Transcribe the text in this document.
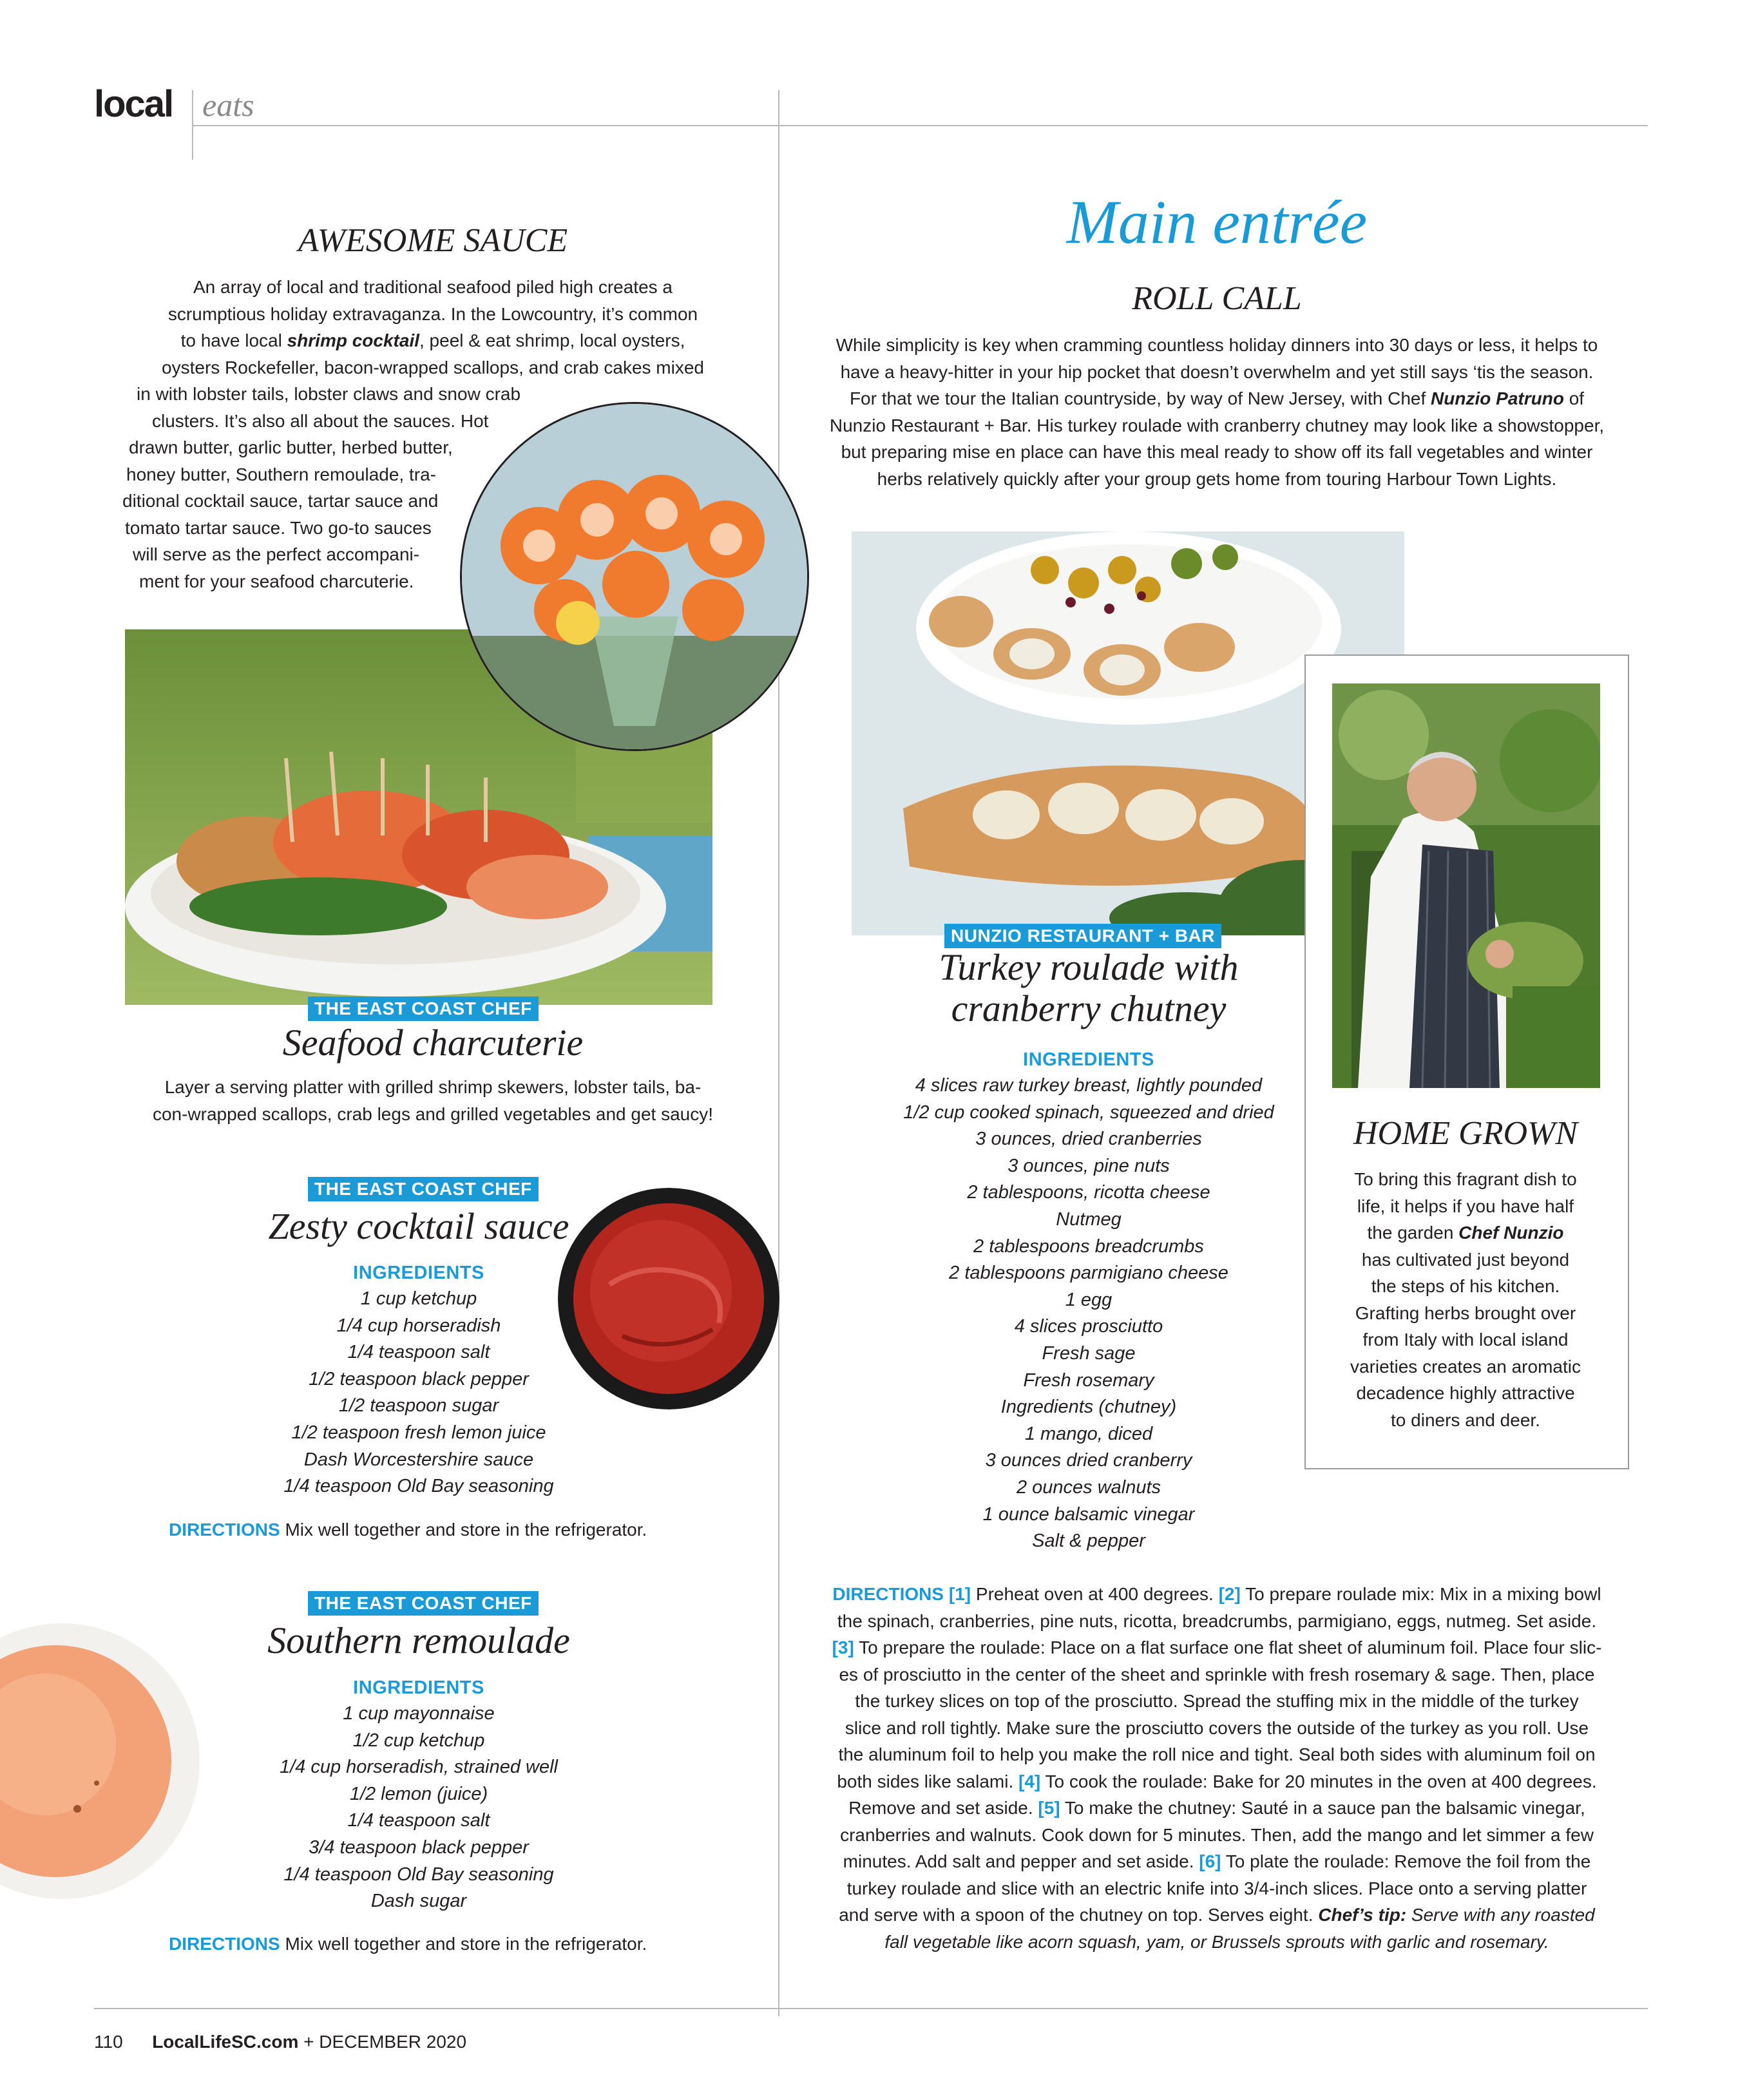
local eats
AWESOME SAUCE
An array of local and traditional seafood piled high creates a
scrumptious holiday extravaganza. In the Lowcountry, it’s common
to have local shrimp cocktail, peel & eat shrimp, local oysters,
oysters Rockefeller, bacon-wrapped scallops, and crab cakes mixed
in with lobster tails, lobster claws and snow crab
clusters. It’s also all about the sauces. Hot
drawn butter, garlic butter, herbed butter,
honey butter, Southern remoulade, tra-
ditional cocktail sauce, tartar sauce and
tomato tartar sauce. Two go-to sauces
will serve as the perfect accompani-
ment for your seafood charcuterie.
THE EAST COAST CHEF
Seafood charcuterie
Layer a serving platter with grilled shrimp skewers, lobster tails, ba-
con-wrapped scallops, crab legs and grilled vegetables and get saucy!
THE EAST COAST CHEF
Zesty cocktail sauce
INGREDIENTS
1 cup ketchup
1/4 cup horseradish
1/4 teaspoon salt
1/2 teaspoon black pepper
1/2 teaspoon sugar
1/2 teaspoon fresh lemon juice
Dash Worcestershire sauce
1/4 teaspoon Old Bay seasoning
DIRECTIONS Mix well together and store in the refrigerator.
THE EAST COAST CHEF
Southern remoulade
INGREDIENTS
1 cup mayonnaise
1/2 cup ketchup
1/4 cup horseradish, strained well
1/2 lemon (juice)
1/4 teaspoon salt
3/4 teaspoon black pepper
1/4 teaspoon Old Bay seasoning
Dash sugar
DIRECTIONS Mix well together and store in the refrigerator.
Main entrée
ROLL CALL
While simplicity is key when cramming countless holiday dinners into 30 days or less, it helps to
have a heavy-hitter in your hip pocket that doesn’t overwhelm and yet still says ‘tis the season.
For that we tour the Italian countryside, by way of New Jersey, with Chef Nunzio Patruno of
Nunzio Restaurant + Bar. His turkey roulade with cranberry chutney may look like a showstopper,
but preparing mise en place can have this meal ready to show off its fall vegetables and winter
herbs relatively quickly after your group gets home from touring Harbour Town Lights.
HOME GROWN
To bring this fragrant dish to
life, it helps if you have half
the garden Chef Nunzio
has cultivated just beyond
the steps of his kitchen.
Grafting herbs brought over
from Italy with local island
varieties creates an aromatic
decadence highly attractive
to diners and deer.
NUNZIO RESTAURANT + BAR
Turkey roulade with
cranberry chutney
INGREDIENTS
4 slices raw turkey breast, lightly pounded
1/2 cup cooked spinach, squeezed and dried
3 ounces, dried cranberries
3 ounces, pine nuts
2 tablespoons, ricotta cheese
Nutmeg
2 tablespoons breadcrumbs
2 tablespoons parmigiano cheese
1 egg
4 slices prosciutto
Fresh sage
Fresh rosemary
Ingredients (chutney)
1 mango, diced
3 ounces dried cranberry
2 ounces walnuts
1 ounce balsamic vinegar
Salt & pepper
DIRECTIONS [1] Preheat oven at 400 degrees. [2] To prepare roulade mix: Mix in a mixing bowl
the spinach, cranberries, pine nuts, ricotta, breadcrumbs, parmigiano, eggs, nutmeg. Set aside.
[3] To prepare the roulade: Place on a flat surface one flat sheet of aluminum foil. Place four slic-
es of prosciutto in the center of the sheet and sprinkle with fresh rosemary & sage. Then, place
the turkey slices on top of the prosciutto. Spread the stuffing mix in the middle of the turkey
slice and roll tightly. Make sure the prosciutto covers the outside of the turkey as you roll. Use
the aluminum foil to help you make the roll nice and tight. Seal both sides with aluminum foil on
both sides like salami. [4] To cook the roulade: Bake for 20 minutes in the oven at 400 degrees.
Remove and set aside. [5] To make the chutney: Sauté in a sauce pan the balsamic vinegar,
cranberries and walnuts. Cook down for 5 minutes. Then, add the mango and let simmer a few
minutes. Add salt and pepper and set aside. [6] To plate the roulade: Remove the foil from the
turkey roulade and slice with an electric knife into 3/4-inch slices. Place onto a serving platter
and serve with a spoon of the chutney on top. Serves eight. Chef’s tip: Serve with any roasted
fall vegetable like acorn squash, yam, or Brussels sprouts with garlic and rosemary.
110 LocalLifeSC.com + DECEMBER 2020
